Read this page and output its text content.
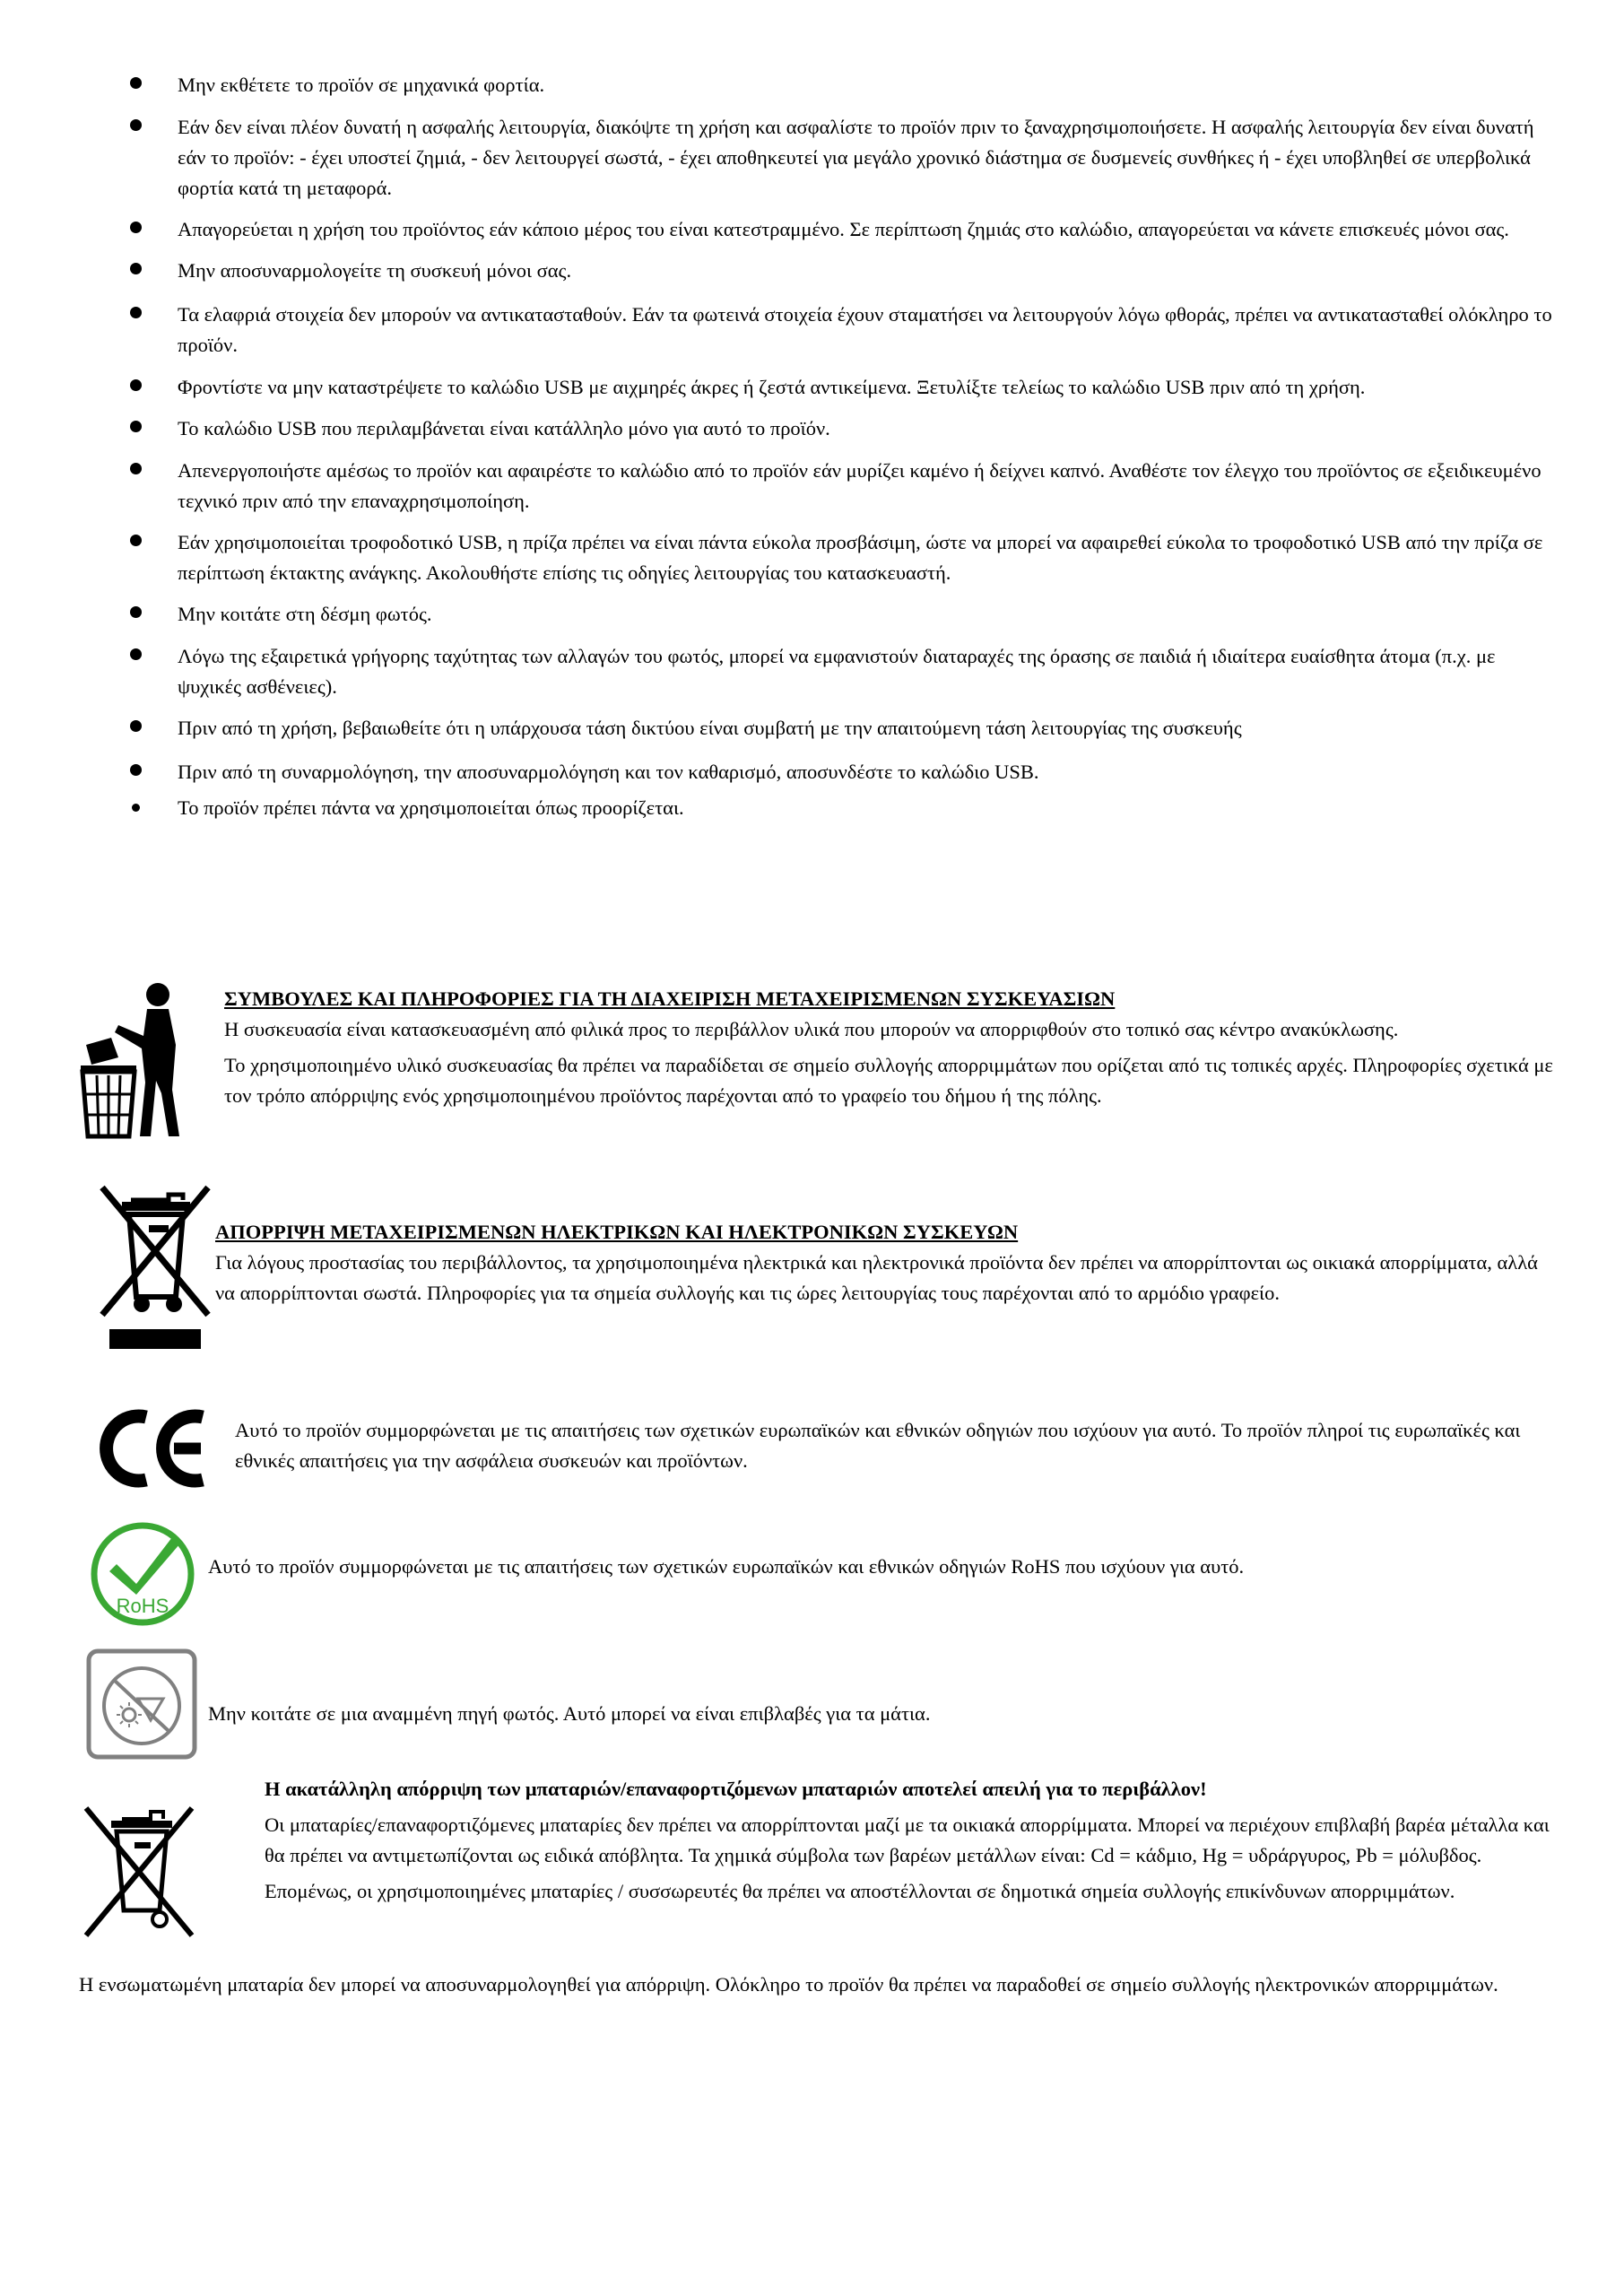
Μην εκθέτετε το προϊόν σε μηχανικά φορτία.
Εάν δεν είναι πλέον δυνατή η ασφαλής λειτουργία, διακόψτε τη χρήση και ασφαλίστε το προϊόν πριν το ξαναχρησιμοποιήσετε. Η ασφαλής λειτουργία δεν είναι δυνατή εάν το προϊόν: - έχει υποστεί ζημιά, - δεν λειτουργεί σωστά, - έχει αποθηκευτεί για μεγάλο χρονικό διάστημα σε δυσμενείς συνθήκες ή - έχει υποβληθεί σε υπερβολικά φορτία κατά τη μεταφορά.
Απαγορεύεται η χρήση του προϊόντος εάν κάποιο μέρος του είναι κατεστραμμένο. Σε περίπτωση ζημιάς στο καλώδιο, απαγορεύεται να κάνετε επισκευές μόνοι σας.
Μην αποσυναρμολογείτε τη συσκευή μόνοι σας.
Τα ελαφριά στοιχεία δεν μπορούν να αντικατασταθούν. Εάν τα φωτεινά στοιχεία έχουν σταματήσει να λειτουργούν λόγω φθοράς, πρέπει να αντικατασταθεί ολόκληρο το προϊόν.
Φροντίστε να μην καταστρέψετε το καλώδιο USB με αιχμηρές άκρες ή ζεστά αντικείμενα. Ξετυλίξτε τελείως το καλώδιο USB πριν από τη χρήση.
Το καλώδιο USB που περιλαμβάνεται είναι κατάλληλο μόνο για αυτό το προϊόν.
Απενεργοποιήστε αμέσως το προϊόν και αφαιρέστε το καλώδιο από το προϊόν εάν μυρίζει καμένο ή δείχνει καπνό. Αναθέστε τον έλεγχο του προϊόντος σε εξειδικευμένο τεχνικό πριν από την επαναχρησιμοποίηση.
Εάν χρησιμοποιείται τροφοδοτικό USB, η πρίζα πρέπει να είναι πάντα εύκολα προσβάσιμη, ώστε να μπορεί να αφαιρεθεί εύκολα το τροφοδοτικό USB από την πρίζα σε περίπτωση έκτακτης ανάγκης. Ακολουθήστε επίσης τις οδηγίες λειτουργίας του κατασκευαστή.
Μην κοιτάτε στη δέσμη φωτός.
Λόγω της εξαιρετικά γρήγορης ταχύτητας των αλλαγών του φωτός, μπορεί να εμφανιστούν διαταραχές της όρασης σε παιδιά ή ιδιαίτερα ευαίσθητα άτομα (π.χ. με ψυχικές ασθένειες).
Πριν από τη χρήση, βεβαιωθείτε ότι η υπάρχουσα τάση δικτύου είναι συμβατή με την απαιτούμενη τάση λειτουργίας της συσκευής
Πριν από τη συναρμολόγηση, την αποσυναρμολόγηση και τον καθαρισμό, αποσυνδέστε το καλώδιο USB.
Το προϊόν πρέπει πάντα να χρησιμοποιείται όπως προορίζεται.

ΣΥΜΒΟΥΛΕΣ ΚΑΙ ΠΛΗΡΟΦΟΡΙΕΣ ΓΙΑ ΤΗ ΔΙΑΧΕΙΡΙΣΗ ΜΕΤΑΧΕΙΡΙΣΜΕΝΩΝ ΣΥΣΚΕΥΑΣΙΩΝ

Η συσκευασία είναι κατασκευασμένη από φιλικά προς το περιβάλλον υλικά που μπορούν να απορριφθούν στο τοπικό σας κέντρο ανακύκλωσης.

Το χρησιμοποιημένο υλικό συσκευασίας θα πρέπει να παραδίδεται σε σημείο συλλογής απορριμμάτων που ορίζεται από τις τοπικές αρχές. Πληροφορίες σχετικά με τον τρόπο απόρριψης ενός χρησιμοποιημένου προϊόντος παρέχονται από το γραφείο του δήμου ή της πόλης.

ΑΠΟΡΡΙΨΗ ΜΕΤΑΧΕΙΡΙΣΜΕΝΩΝ ΗΛΕΚΤΡΙΚΩΝ ΚΑΙ ΗΛΕΚΤΡΟΝΙΚΩΝ ΣΥΣΚΕΥΩΝ

Για λόγους προστασίας του περιβάλλοντος, τα χρησιμοποιημένα ηλεκτρικά και ηλεκτρονικά προϊόντα δεν πρέπει να απορρίπτονται ως οικιακά απορρίμματα, αλλά να απορρίπτονται σωστά. Πληροφορίες για τα σημεία συλλογής και τις ώρες λειτουργίας τους παρέχονται από το αρμόδιο γραφείο.

Αυτό το προϊόν συμμορφώνεται με τις απαιτήσεις των σχετικών ευρωπαϊκών και εθνικών οδηγιών που ισχύουν για αυτό. Το προϊόν πληροί τις ευρωπαϊκές και εθνικές απαιτήσεις για την ασφάλεια συσκευών και προϊόντων.

RoHS

Αυτό το προϊόν συμμορφώνεται με τις απαιτήσεις των σχετικών ευρωπαϊκών και εθνικών οδηγιών RoHS που ισχύουν για αυτό.

Μην κοιτάτε σε μια αναμμένη πηγή φωτός. Αυτό μπορεί να είναι επιβλαβές για τα μάτια.

Η ακατάλληλη απόρριψη των μπαταριών/επαναφορτιζόμενων μπαταριών αποτελεί απειλή για το περιβάλλον!

Οι μπαταρίες/επαναφορτιζόμενες μπαταρίες δεν πρέπει να απορρίπτονται μαζί με τα οικιακά απορρίμματα. Μπορεί να περιέχουν επιβλαβή βαρέα μέταλλα και θα πρέπει να αντιμετωπίζονται ως ειδικά απόβλητα. Τα χημικά σύμβολα των βαρέων μετάλλων είναι: Cd = κάδμιο, Hg = υδράργυρος, Pb = μόλυβδος.

Επομένως, οι χρησιμοποιημένες μπαταρίες / συσσωρευτές θα πρέπει να αποστέλλονται σε δημοτικά σημεία συλλογής επικίνδυνων απορριμμάτων.

Η ενσωματωμένη μπαταρία δεν μπορεί να αποσυναρμολογηθεί για απόρριψη. Ολόκληρο το προϊόν θα πρέπει να παραδοθεί σε σημείο συλλογής ηλεκτρονικών απορριμμάτων.
